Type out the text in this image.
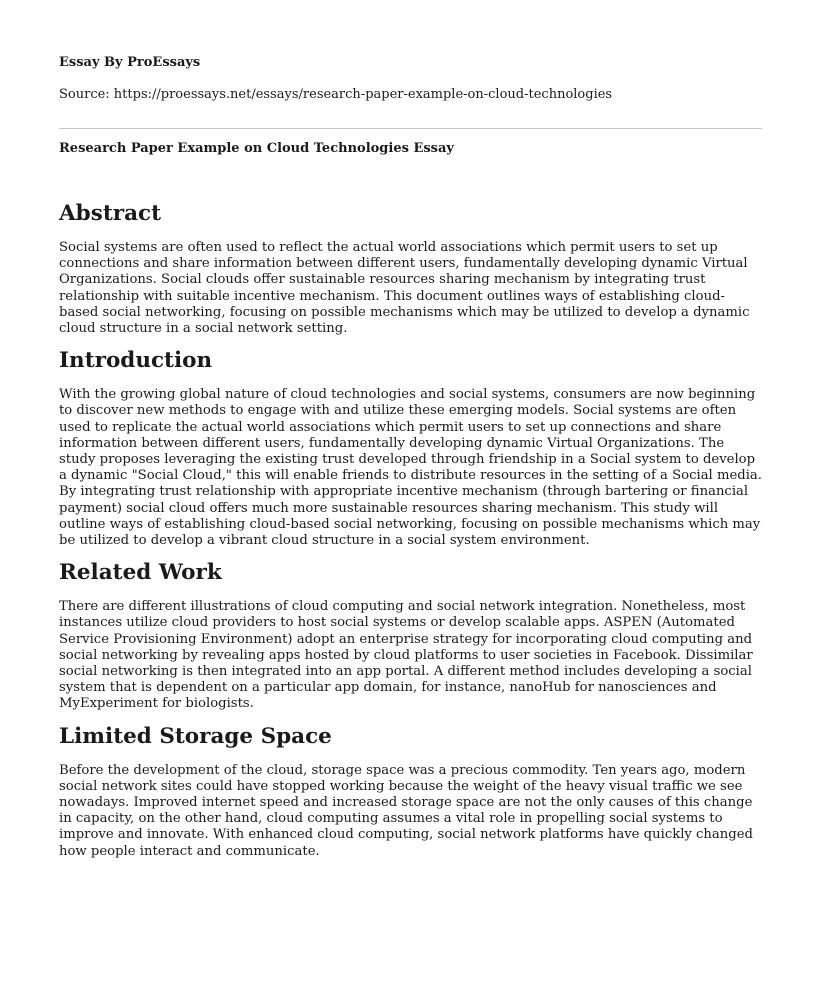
Essay By ProEssays

Source: https://proessays.net/essays/research-paper-example-on-cloud-technologies

Research Paper Example on Cloud Technologies Essay

Abstract

Social systems are often used to reflect the actual world associations which permit users to set up connections and share information between different users, fundamentally developing dynamic Virtual Organizations. Social clouds offer sustainable resources sharing mechanism by integrating trust relationship with suitable incentive mechanism. This document outlines ways of establishing cloud-based social networking, focusing on possible mechanisms which may be utilized to develop a dynamic cloud structure in a social network setting.

Introduction

With the growing global nature of cloud technologies and social systems, consumers are now beginning to discover new methods to engage with and utilize these emerging models. Social systems are often used to replicate the actual world associations which permit users to set up connections and share information between different users, fundamentally developing dynamic Virtual Organizations. The study proposes leveraging the existing trust developed through friendship in a Social system to develop a dynamic "Social Cloud," this will enable friends to distribute resources in the setting of a Social media. By integrating trust relationship with appropriate incentive mechanism (through bartering or financial payment) social cloud offers much more sustainable resources sharing mechanism. This study will outline ways of establishing cloud-based social networking, focusing on possible mechanisms which may be utilized to develop a vibrant cloud structure in a social system environment.

Related Work

There are different illustrations of cloud computing and social network integration. Nonetheless, most instances utilize cloud providers to host social systems or develop scalable apps. ASPEN (Automated Service Provisioning Environment) adopt an enterprise strategy for incorporating cloud computing and social networking by revealing apps hosted by cloud platforms to user societies in Facebook. Dissimilar social networking is then integrated into an app portal. A different method includes developing a social system that is dependent on a particular app domain, for instance, nanoHub for nanosciences and MyExperiment for biologists.

Limited Storage Space

Before the development of the cloud, storage space was a precious commodity. Ten years ago, modern social network sites could have stopped working because the weight of the heavy visual traffic we see nowadays. Improved internet speed and increased storage space are not the only causes of this change in capacity, on the other hand, cloud computing assumes a vital role in propelling social systems to improve and innovate. With enhanced cloud computing, social network platforms have quickly changed how people interact and communicate.
